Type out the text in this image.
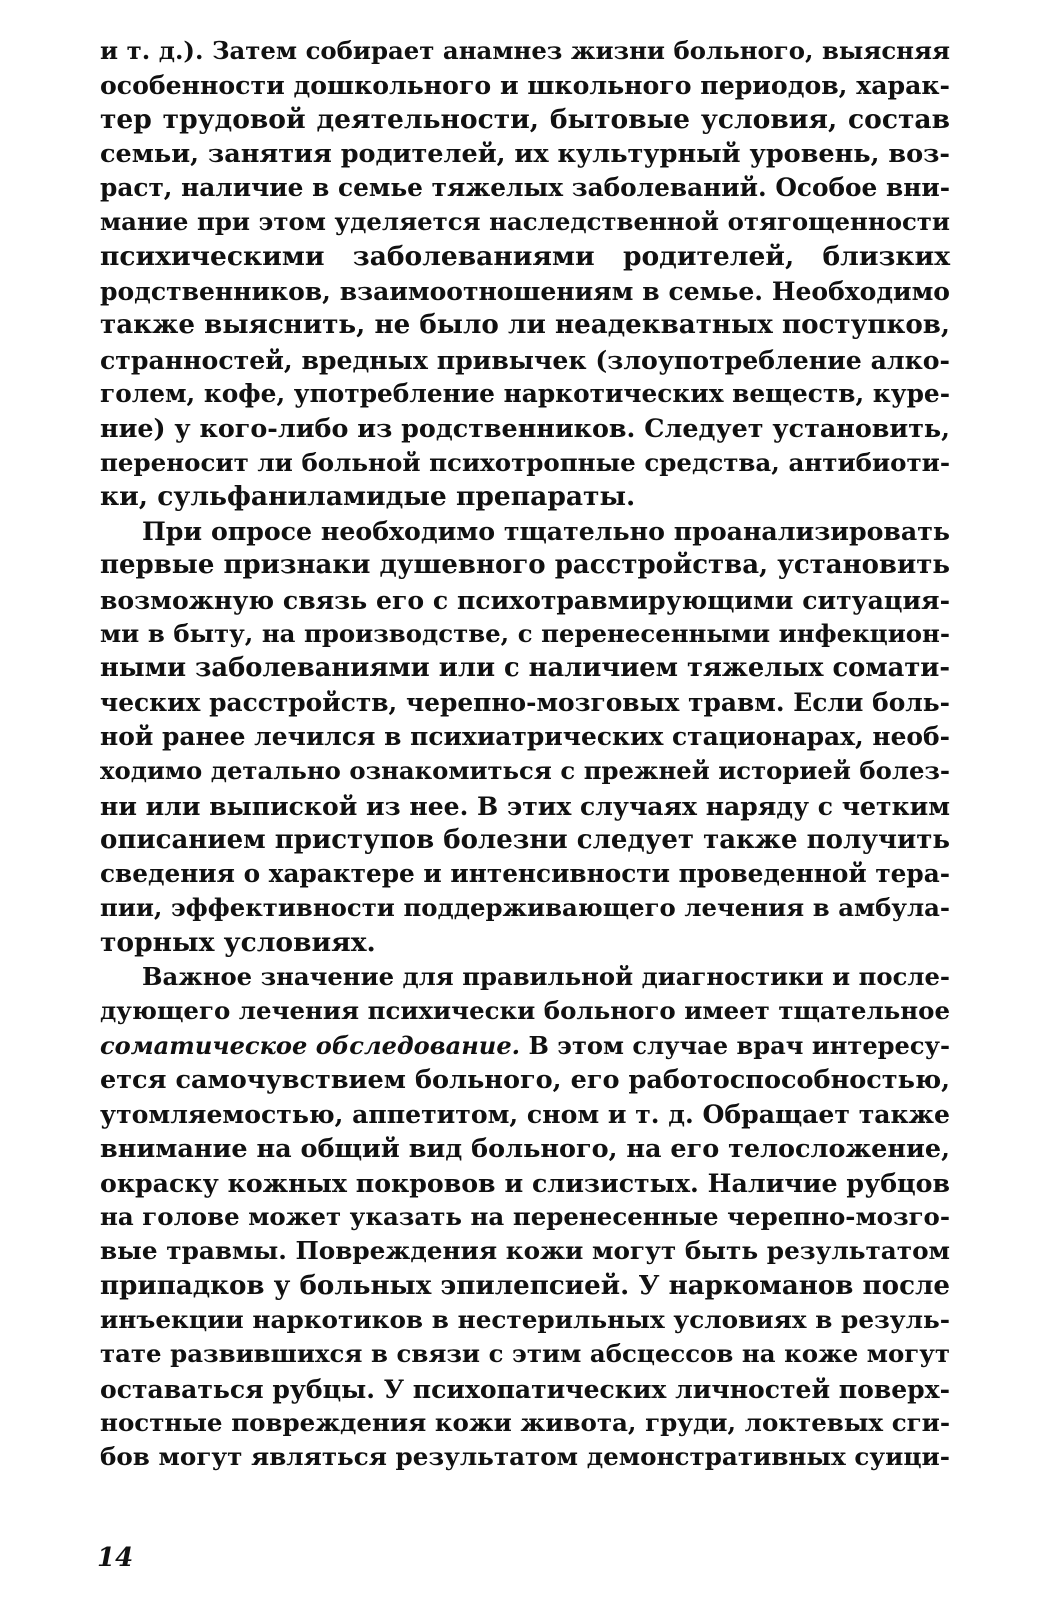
и т. д.). Затем собирает анамнез жизни больного, выясняя
особенности дошкольного и школьного периодов, харак-
тер трудовой деятельности, бытовые условия, состав
семьи, занятия родителей, их культурный уровень, воз-
раст, наличие в семье тяжелых заболеваний. Особое вни-
мание при этом уделяется наследственной отягощенности
психическими заболеваниями родителей, близких
родственников, взаимоотношениям в семье. Необходимо
также выяснить, не было ли неадекватных поступков,
странностей, вредных привычек (злоупотребление алко-
голем, кофе, употребление наркотических веществ, куре-
ние) у кого-либо из родственников. Следует установить,
переносит ли больной психотропные средства, антибиоти-
ки, сульфаниламидые препараты.
При опросе необходимо тщательно проанализировать
первые признаки душевного расстройства, установить
возможную связь его с психотравмирующими ситуация-
ми в быту, на производстве, с перенесенными инфекцион-
ными заболеваниями или с наличием тяжелых сомати-
ческих расстройств, черепно-мозговых травм. Если боль-
ной ранее лечился в психиатрических стационарах, необ-
ходимо детально ознакомиться с прежней историей болез-
ни или выпиской из нее. В этих случаях наряду с четким
описанием приступов болезни следует также получить
сведения о характере и интенсивности проведенной тера-
пии, эффективности поддерживающего лечения в амбула-
торных условиях.
Важное значение для правильной диагностики и после-
дующего лечения психически больного имеет тщательное
соматическое обследование. В этом случае врач интересу-
ется самочувствием больного, его работоспособностью,
утомляемостью, аппетитом, сном и т. д. Обращает также
внимание на общий вид больного, на его телосложение,
окраску кожных покровов и слизистых. Наличие рубцов
на голове может указать на перенесенные черепно-мозго-
вые травмы. Повреждения кожи могут быть результатом
припадков у больных эпилепсией. У наркоманов после
инъекции наркотиков в нестерильных условиях в резуль-
тате развившихся в связи с этим абсцессов на коже могут
оставаться рубцы. У психопатических личностей поверх-
ностные повреждения кожи живота, груди, локтевых сги-
бов могут являться результатом демонстративных суици-
14
